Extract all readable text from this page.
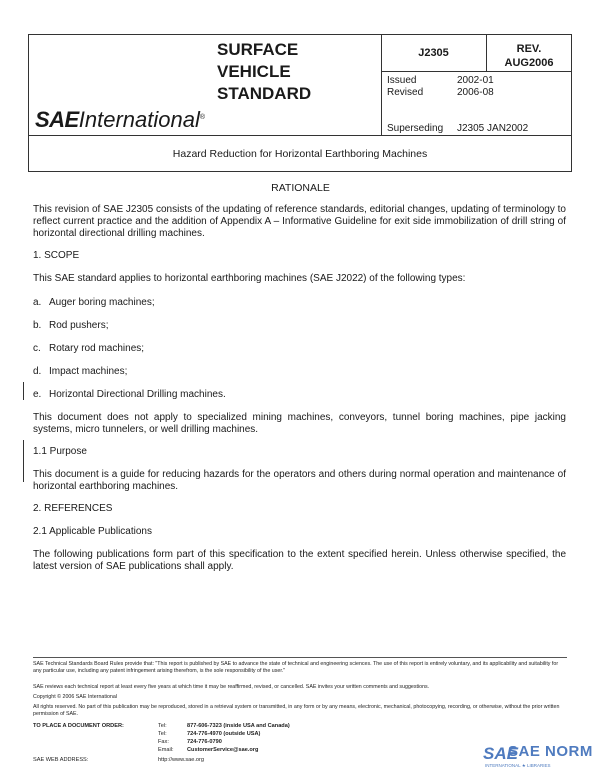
SAEInternational®
SURFACE
VEHICLE
STANDARD
J2305	REV.
AUG2006
Issued	2002-01
Revised	2006-08
Superseding J2305 JAN2002
Hazard Reduction for Horizontal Earthboring Machines
RATIONALE
This revision of SAE J2305 consists of the updating of reference standards, editorial changes, updating of terminology to reflect current practice and the addition of Appendix A – Informative Guideline for exit side immobilization of drill string of horizontal directional drilling machines.
1. SCOPE
This SAE standard applies to horizontal earthboring machines (SAE J2022) of the following types:
a. Auger boring machines;
b. Rod pushers;
c. Rotary rod machines;
d. Impact machines;
e. Horizontal Directional Drilling machines.
This document does not apply to specialized mining machines, conveyors, tunnel boring machines, pipe jacking systems, micro tunnelers, or well drilling machines.
1.1 Purpose
This document is a guide for reducing hazards for the operators and others during normal operation and maintenance of horizontal earthboring machines.
2. REFERENCES
2.1 Applicable Publications
The following publications form part of this specification to the extent specified herein. Unless otherwise specified, the latest version of SAE publications shall apply.
SAE Technical Standards Board Rules provide that: "This report is published by SAE to advance the state of technical and engineering sciences. The use of this report is entirely voluntary, and its applicability and suitability for any particular use, including any patent infringement arising therefrom, is the sole responsibility of the user."
SAE reviews each technical report at least every five years at which time it may be reaffirmed, revised, or cancelled. SAE invites your written comments and suggestions.
Copyright © 2006 SAE International
All rights reserved. No part of this publication may be reproduced, stored in a retrieval system or transmitted, in any form or by any means, electronic, mechanical, photocopying, recording, or otherwise, without the prior written permission of SAE.
TO PLACE A DOCUMENT ORDER:	Tel:	877-606-7323 (inside USA and Canada)
Tel:	724-776-4970 (outside USA)
Fax:	724-776-0790
Email: CustomerService@sae.org
SAE WEB ADDRESS:	http://www.sae.org	SAE
SAE NORM
INTERNATIONAL ★ LIBRARIES
